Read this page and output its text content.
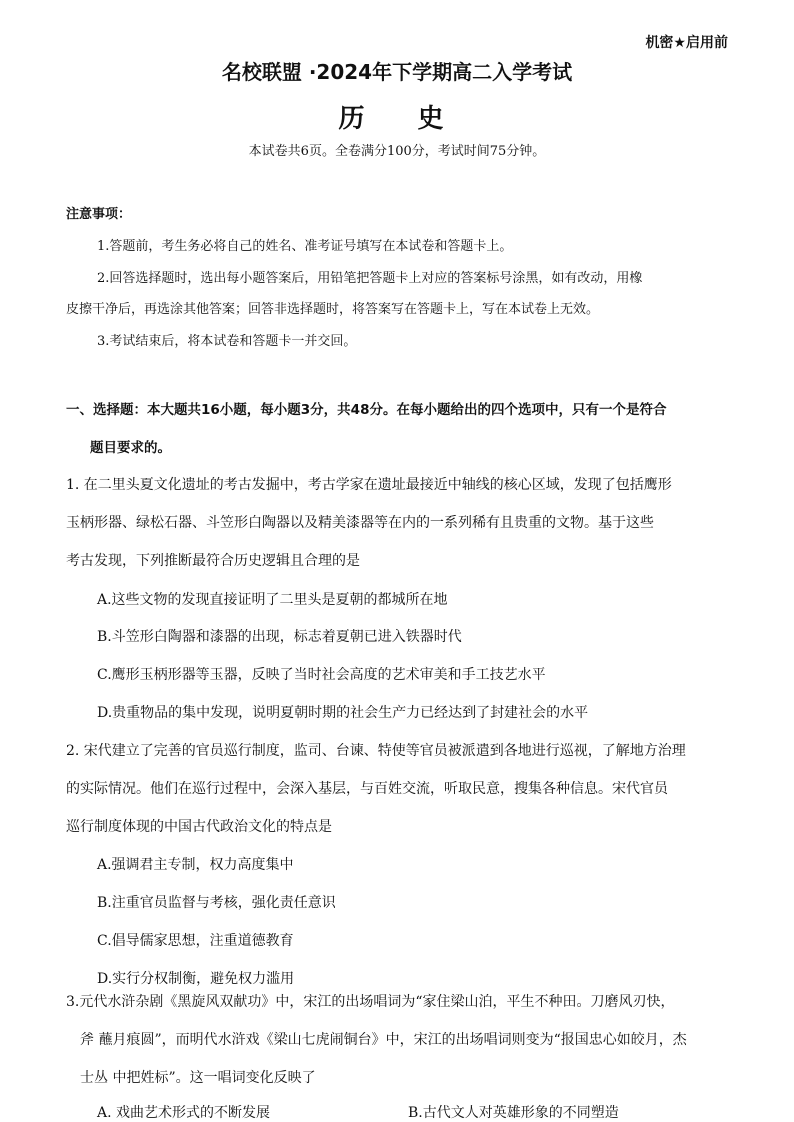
机密★启用前
名校联盟 ·2024年下学期高二入学考试
历 史
本试卷共6页。全卷满分100分，考试时间75分钟。
注意事项：
1.答题前，考生务必将自己的姓名、准考证号填写在本试卷和答题卡上。
2.回答选择题时，选出每小题答案后，用铅笔把答题卡上对应的答案标号涂黑，如有改动，用橡
皮擦干净后，再选涂其他答案；回答非选择题时，将答案写在答题卡上，写在本试卷上无效。
3.考试结束后，将本试卷和答题卡一并交回。
一、选择题：本大题共16小题，每小题3分，共48分。在每小题给出的四个选项中，只有一个是符合
题目要求的。
1. 在二里头夏文化遗址的考古发掘中，考古学家在遗址最接近中轴线的核心区域，发现了包括鹰形
玉柄形器、绿松石器、斗笠形白陶器以及精美漆器等在内的一系列稀有且贵重的文物。基于这些
考古发现，下列推断最符合历史逻辑且合理的是
A.这些文物的发现直接证明了二里头是夏朝的都城所在地
B.斗笠形白陶器和漆器的出现，标志着夏朝已进入铁器时代
C.鹰形玉柄形器等玉器，反映了当时社会高度的艺术审美和手工技艺水平
D.贵重物品的集中发现，说明夏朝时期的社会生产力已经达到了封建社会的水平
2. 宋代建立了完善的官员巡行制度，监司、台谏、特使等官员被派遣到各地进行巡视，了解地方治理
的实际情况。他们在巡行过程中，会深入基层，与百姓交流，听取民意，搜集各种信息。宋代官员
巡行制度体现的中国古代政治文化的特点是
A.强调君主专制，权力高度集中
B.注重官员监督与考核，强化责任意识
C.倡导儒家思想，注重道德教育
D.实行分权制衡，避免权力滥用
3.元代水浒杂剧《黑旋风双献功》中，宋江的出场唱词为“家住梁山泊，平生不种田。刀磨风刃快，
斧 蘸月痕圆”，而明代水浒戏《梁山七虎闹铜台》中，宋江的出场唱词则变为“报国忠心如皎月，杰
士丛 中把姓标”。这一唱词变化反映了
A. 戏曲艺术形式的不断发展	B.古代文人对英雄形象的不同塑造
